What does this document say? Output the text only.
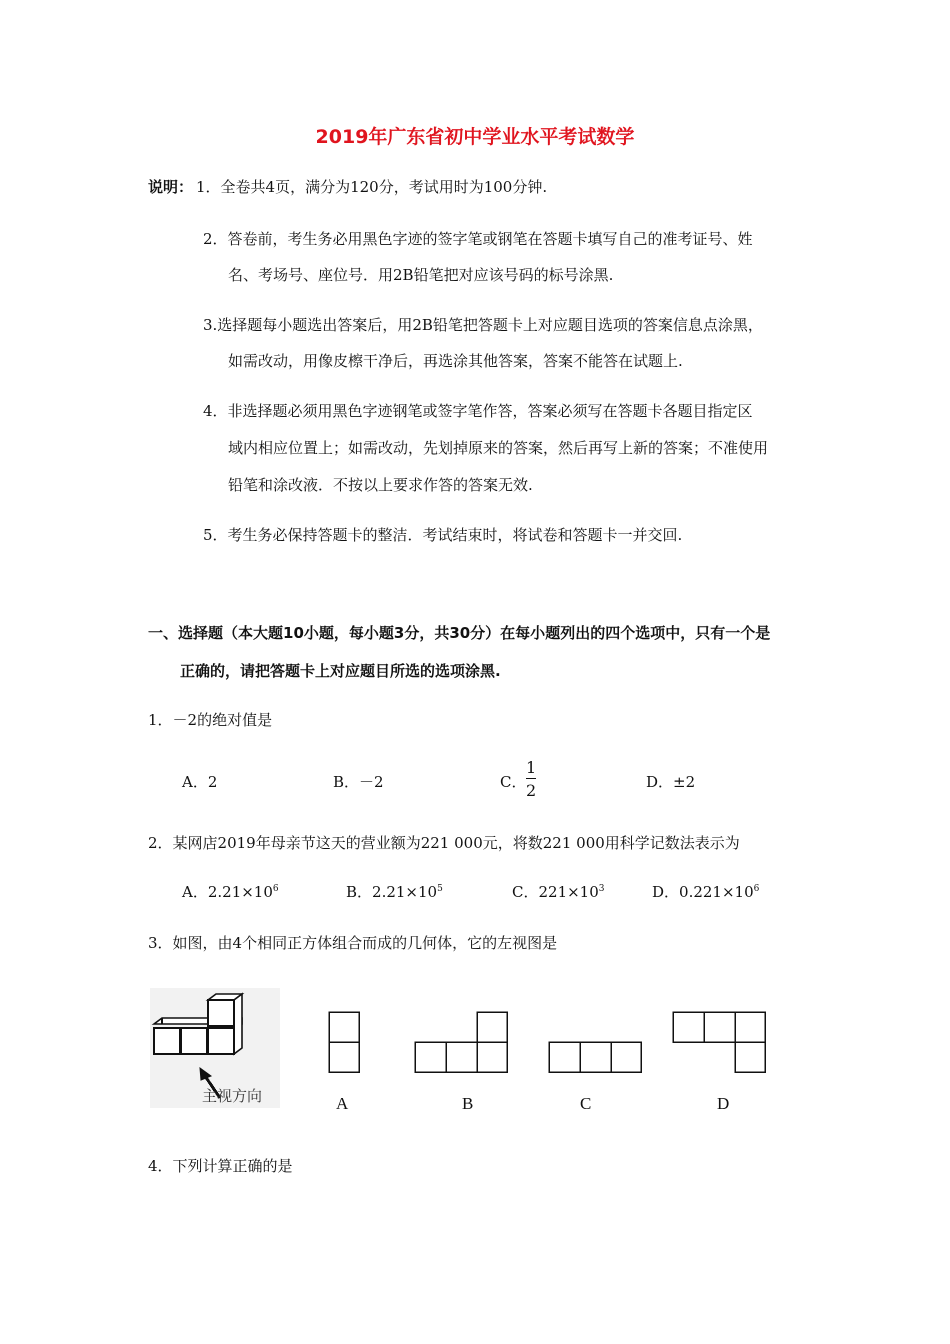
2019年广东省初中学业水平考试数学
说明： 1．全卷共4页，满分为120分，考试用时为100分钟.
2．答卷前，考生务必用黑色字迹的签字笔或钢笔在答题卡填写自己的准考证号、姓
名、考场号、座位号．用2B铅笔把对应该号码的标号涂黑.
3.选择题每小题选出答案后，用2B铅笔把答题卡上对应题目选项的答案信息点涂黑，
如需改动，用像皮檫干净后，再选涂其他答案，答案不能答在试题上.
4．非选择题必须用黑色字迹钢笔或签字笔作答，答案必须写在答题卡各题目指定区
域内相应位置上；如需改动，先划掉原来的答案，然后再写上新的答案；不准使用
铅笔和涂改液．不按以上要求作答的答案无效.
5．考生务必保持答题卡的整洁．考试结束时，将试卷和答题卡一并交回.
一、选择题（本大题10小题，每小题3分，共30分）在每小题列出的四个选项中，只有一个是
正确的，请把答题卡上对应题目所选的选项涂黑.
1．－2的绝对值是
A．2	B．－2	C． $\frac{1}{2}$	D．±2
2．某网店2019年母亲节这天的营业额为221 000元，将数221 000用科学记数法表示为
A．$2.21\times 10^6$	B．$2.21\times 10^5$	C．$221\times 10^3$	D．$0.221\times 10^6$
3．如图，由4个相同正方体组合而成的几何体，它的左视图是
主视方向	A	B	C	D
4．下列计算正确的是
